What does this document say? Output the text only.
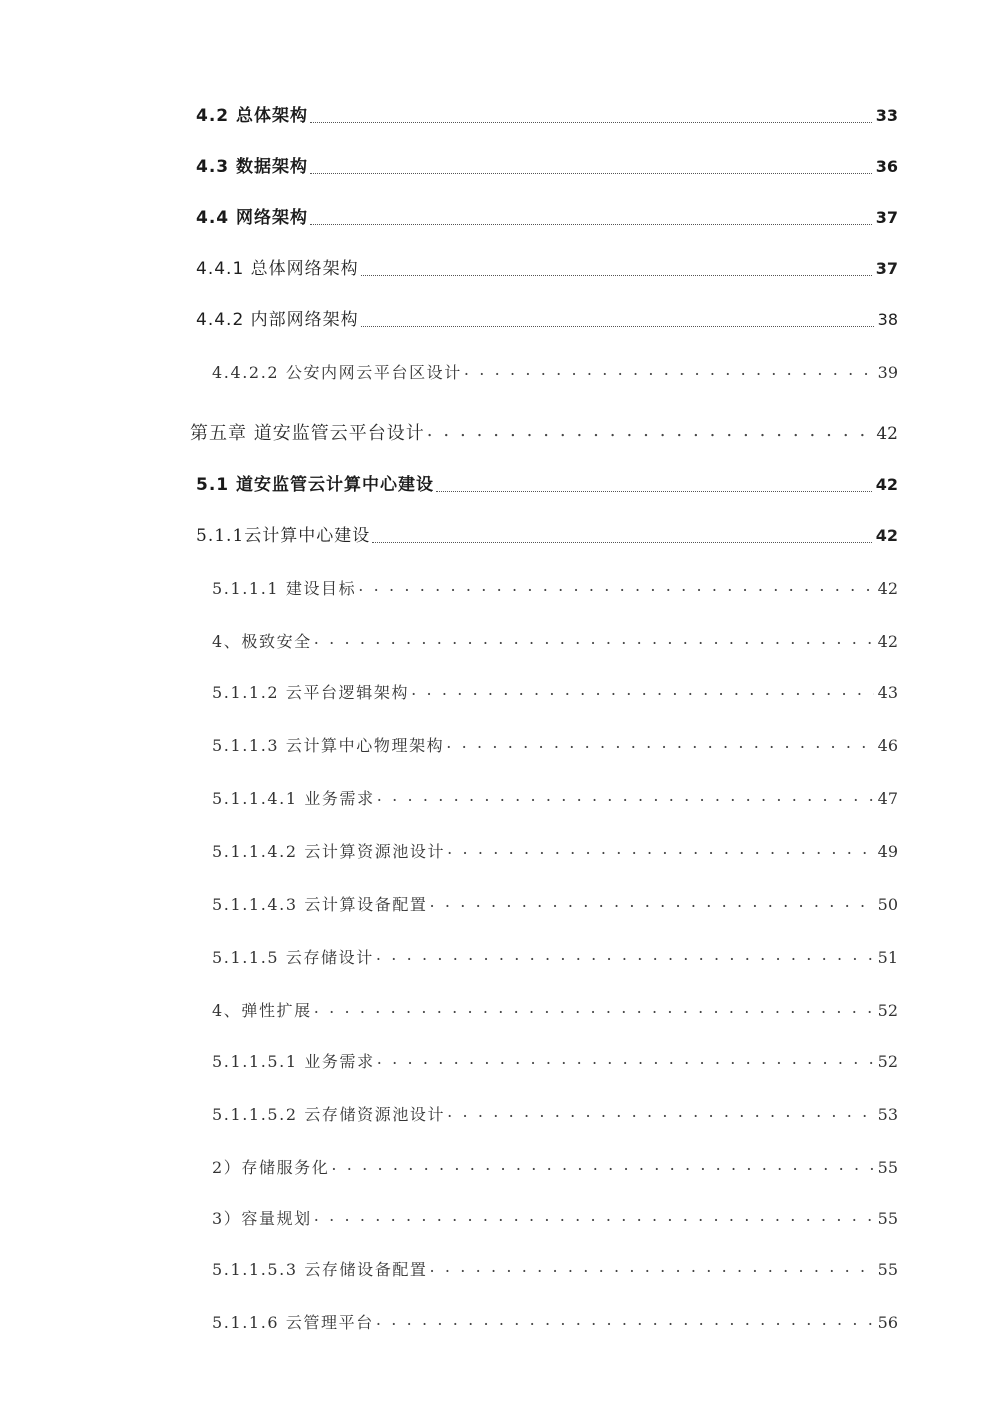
4.2 总体架构	33
4.3 数据架构	36
4.4 网络架构	37
4.4.1 总体网络架构	37
4.4.2 内部网络架构	38
4.4.2.2 公安内网云平台区设计 . . .	39
第五章 道安监管云平台设计 . . .	42
5.1 道安监管云计算中心建设	42
5.1.1云计算中心建设	42
5.1.1.1 建设目标 . . .	42
4、极致安全 . . .	42
5.1.1.2 云平台逻辑架构 . . .	43
5.1.1.3 云计算中心物理架构 . . .	46
5.1.1.4.1 业务需求 . . .	47
5.1.1.4.2 云计算资源池设计 . . .	49
5.1.1.4.3 云计算设备配置 . . .	50
5.1.1.5 云存储设计 . . .	51
4、弹性扩展 . . .	52
5.1.1.5.1 业务需求 . . .	52
5.1.1.5.2 云存储资源池设计 . . .	53
2）存储服务化 . . .	55
3）容量规划 . . .	55
5.1.1.5.3 云存储设备配置 . . .	55
5.1.1.6 云管理平台 . . .	56
